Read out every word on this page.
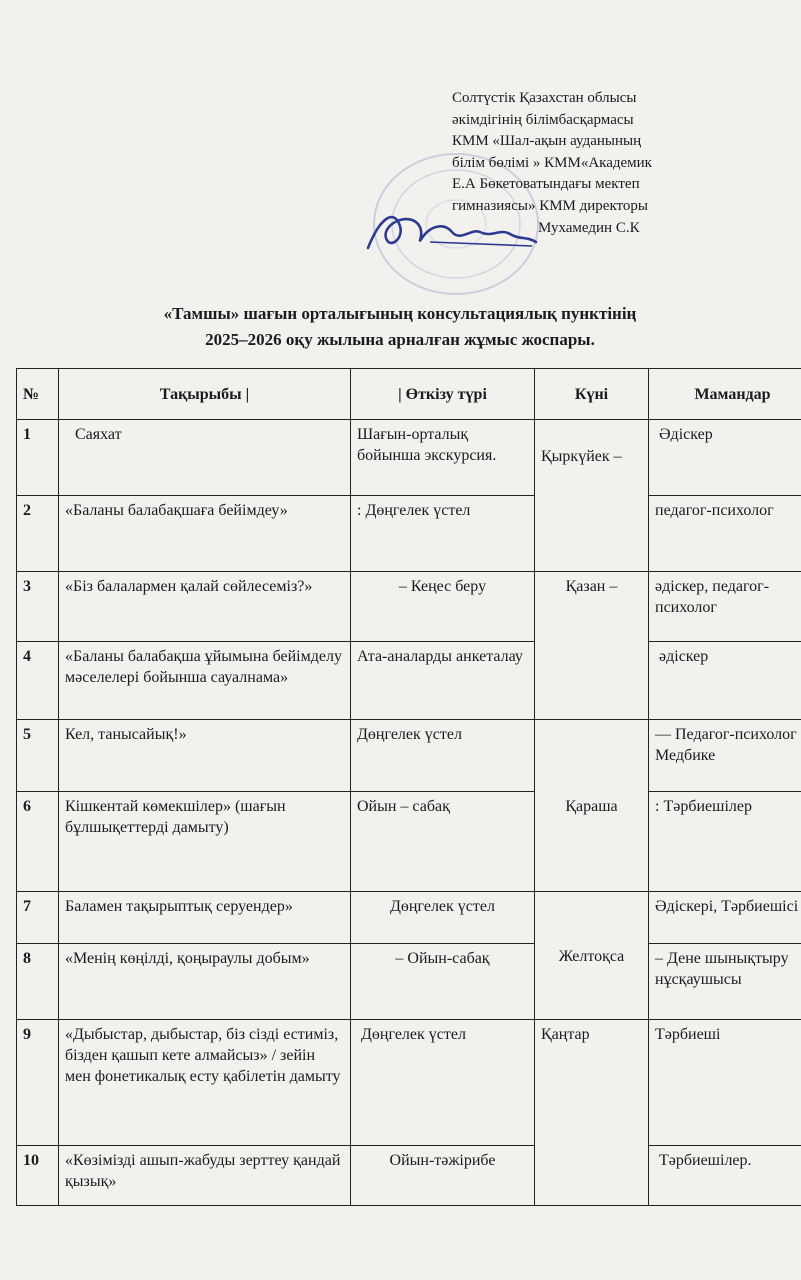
Солтүстік Қазахстан облысы
әкімдігінің білімбасқармасы
КММ «Шал-ақын ауданының
білім бөлімі » КММ«Академик
Е.А Бөкетоватындағы мектеп
гимназиясы» КММ директоры
Мухамедин С.К
«Тамшы» шағын орталығының консультациялық пунктінің
2025–2026 оқу жылына арналған жұмыс жоспары.
№	Тақырыбы |	| Өткізу түрі	Күні	Мамандар
1	Саяхат	Шағын-орталық бойынша экскурсия.	Қыркүйек –	Әдіскер
2	«Баланы балабақшаға бейімдеу»	: Дөңгелек үстел		педагог-психолог
3	«Біз балалармен қалай сөйлесеміз?»	– Кеңес беру	Қазан –	әдіскер, педагог-психолог
4	«Баланы балабақша ұйымына бейімделу мәселелері бойынша сауалнама»	Ата-аналарды анкеталау		әдіскер
5	Кел, танысайық!»	Дөңгелек үстел	Қараша	— Педагог-психолог Медбике
6	Кішкентай көмекшілер» (шағын бұлшықеттерді дамыту)	Ойын – сабақ		: Тәрбиешілер
7	Баламен тақырыптық серуендер»	Дөңгелек үстел	Желтоқса	Әдіскері, Тәрбиешісі
8	«Менің көңілді, қоңыраулы добым»	– Ойын-сабақ		– Дене шынықтыру нұсқаушысы
9	«Дыбыстар, дыбыстар, біз сізді естиміз, бізден қашып кете алмайсыз» / зейін мен фонетикалық есту қабілетін дамыту	Дөңгелек үстел	Қаңтар	Тәрбиеші
10	«Көзімізді ашып-жабуды зерттеу қандай қызық»	Ойын-тәжірибе		Тәрбиешілер.
